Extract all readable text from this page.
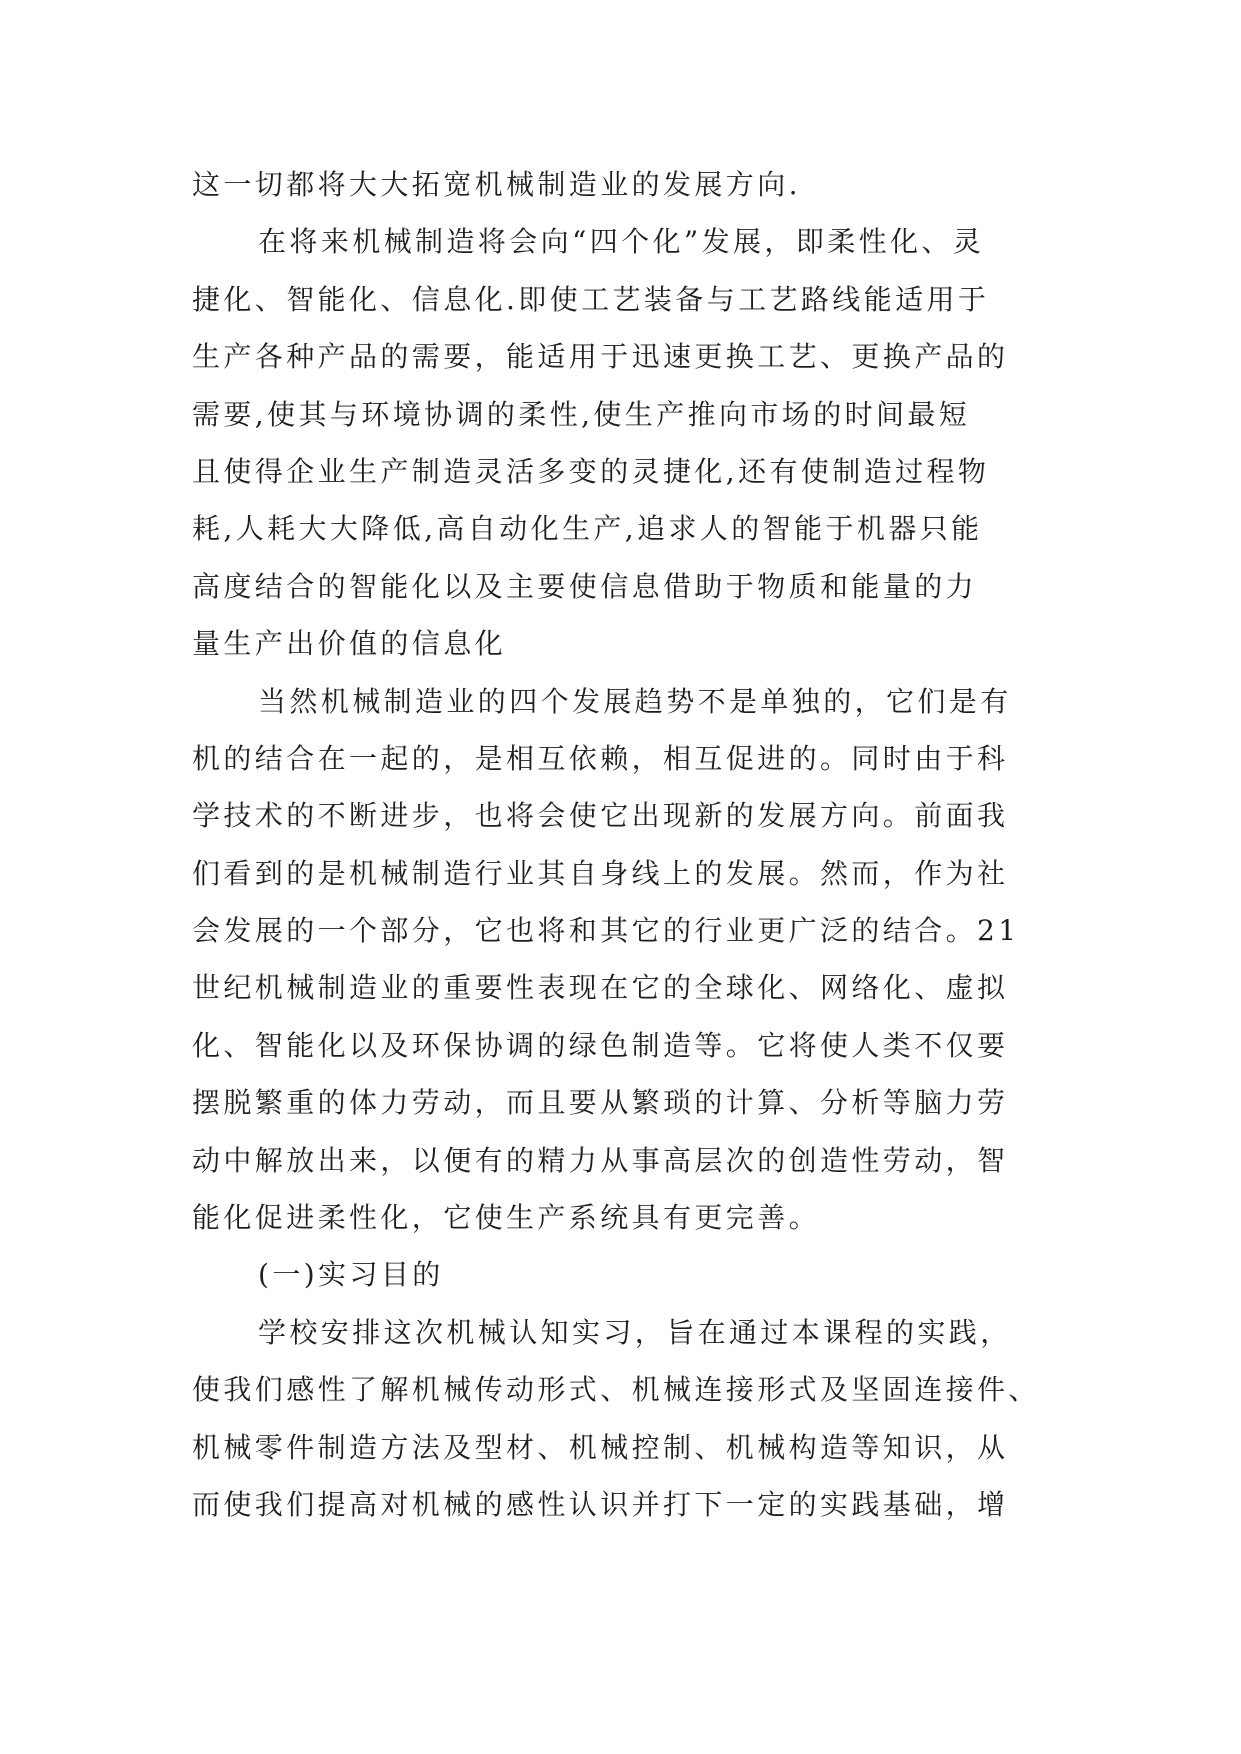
这一切都将大大拓宽机械制造业的发展方向.
在将来机械制造将会向“四个化”发展，即柔性化、灵
捷化、智能化、信息化.即使工艺装备与工艺路线能适用于
生产各种产品的需要，能适用于迅速更换工艺、更换产品的
需要,使其与环境协调的柔性,使生产推向市场的时间最短
且使得企业生产制造灵活多变的灵捷化,还有使制造过程物
耗,人耗大大降低,高自动化生产,追求人的智能于机器只能
高度结合的智能化以及主要使信息借助于物质和能量的力
量生产出价值的信息化
当然机械制造业的四个发展趋势不是单独的，它们是有
机的结合在一起的，是相互依赖，相互促进的。同时由于科
学技术的不断进步，也将会使它出现新的发展方向。前面我
们看到的是机械制造行业其自身线上的发展。然而，作为社
会发展的一个部分，它也将和其它的行业更广泛的结合。21
世纪机械制造业的重要性表现在它的全球化、网络化、虚拟
化、智能化以及环保协调的绿色制造等。它将使人类不仅要
摆脱繁重的体力劳动，而且要从繁琐的计算、分析等脑力劳
动中解放出来，以便有的精力从事高层次的创造性劳动，智
能化促进柔性化，它使生产系统具有更完善。
(一)实习目的
学校安排这次机械认知实习，旨在通过本课程的实践，
使我们感性了解机械传动形式、机械连接形式及坚固连接件、
机械零件制造方法及型材、机械控制、机械构造等知识，从
而使我们提高对机械的感性认识并打下一定的实践基础，增
